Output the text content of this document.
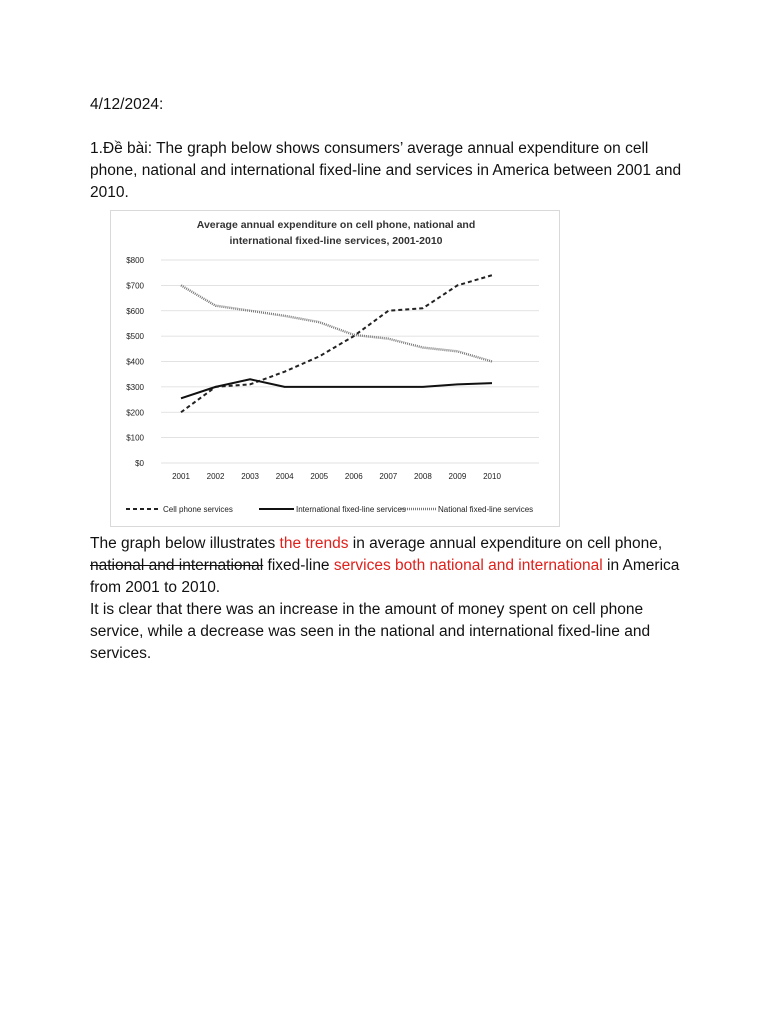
4/12/2024:

1.Đề bài: The graph below shows consumers’ average annual expenditure on cell phone, national and international fixed-line and services in America between 2001 and 2010.

Average annual expenditure on cell phone, national and
international fixed-line services, 2001-2010
$0
$100
$200
$300
$400
$500
$600
$700
$800
2001 2002 2003 2004 2005 2006 2007 2008 2009 2010
Cell phone services	International fixed-line services	National fixed-line services
The graph below illustrates the trends in average annual expenditure on cell phone, national and international fixed-line services both national and international in America from 2001 to 2010.
It is clear that there was an increase in the amount of money spent on cell phone service, while a decrease was seen in the national and international fixed-line and services.
